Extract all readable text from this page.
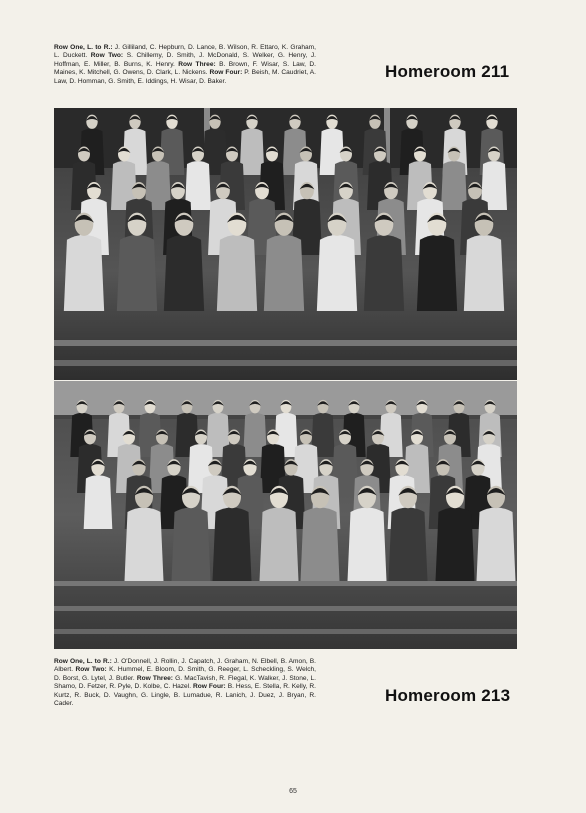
Row One, L. to R.: J. Gilliland, C. Hepburn, D. Lance, B. Wilson, R. Ettaro, K. Graham, L. Duckett. Row Two: S. Chillemy, D. Smith, J. McDonald, S. Welker, G. Henry, J. Hoffman, E. Miller, B. Burns, K. Henry. Row Three: B. Brown, F. Wisar, S. Law, D. Maines, K. Mitchell, G. Owens, D. Clark, L. Nickens. Row Four: P. Beish, M. Caudriet, A. Law, D. Homman, G. Smith, E. Iddings, H. Wisar, D. Baker.
Homeroom 211
Row One, L. to R.: J. O'Donnell, J. Rollin, J. Capatch, J. Graham, N. Elbell, B. Amon, B. Albert. Row Two: K. Hummel, E. Bloom, D. Smith, G. Reeger, L. Scheckling, S. Welch, D. Borst, G. Lytel, J. Butler. Row Three: G. MacTavish, R. Flegal, K. Walker, J. Stone, L. Shamo, D. Fetzer, R. Pyle, D. Kolbe, C. Hazel. Row Four: B. Hess, E. Stella, R. Kelly, R. Kurtz, R. Buck, D. Vaughn, G. Lingle, B. Lumadue, R. Lanich, J. Duez, J. Bryan, R. Cader.	Homeroom 213
65
